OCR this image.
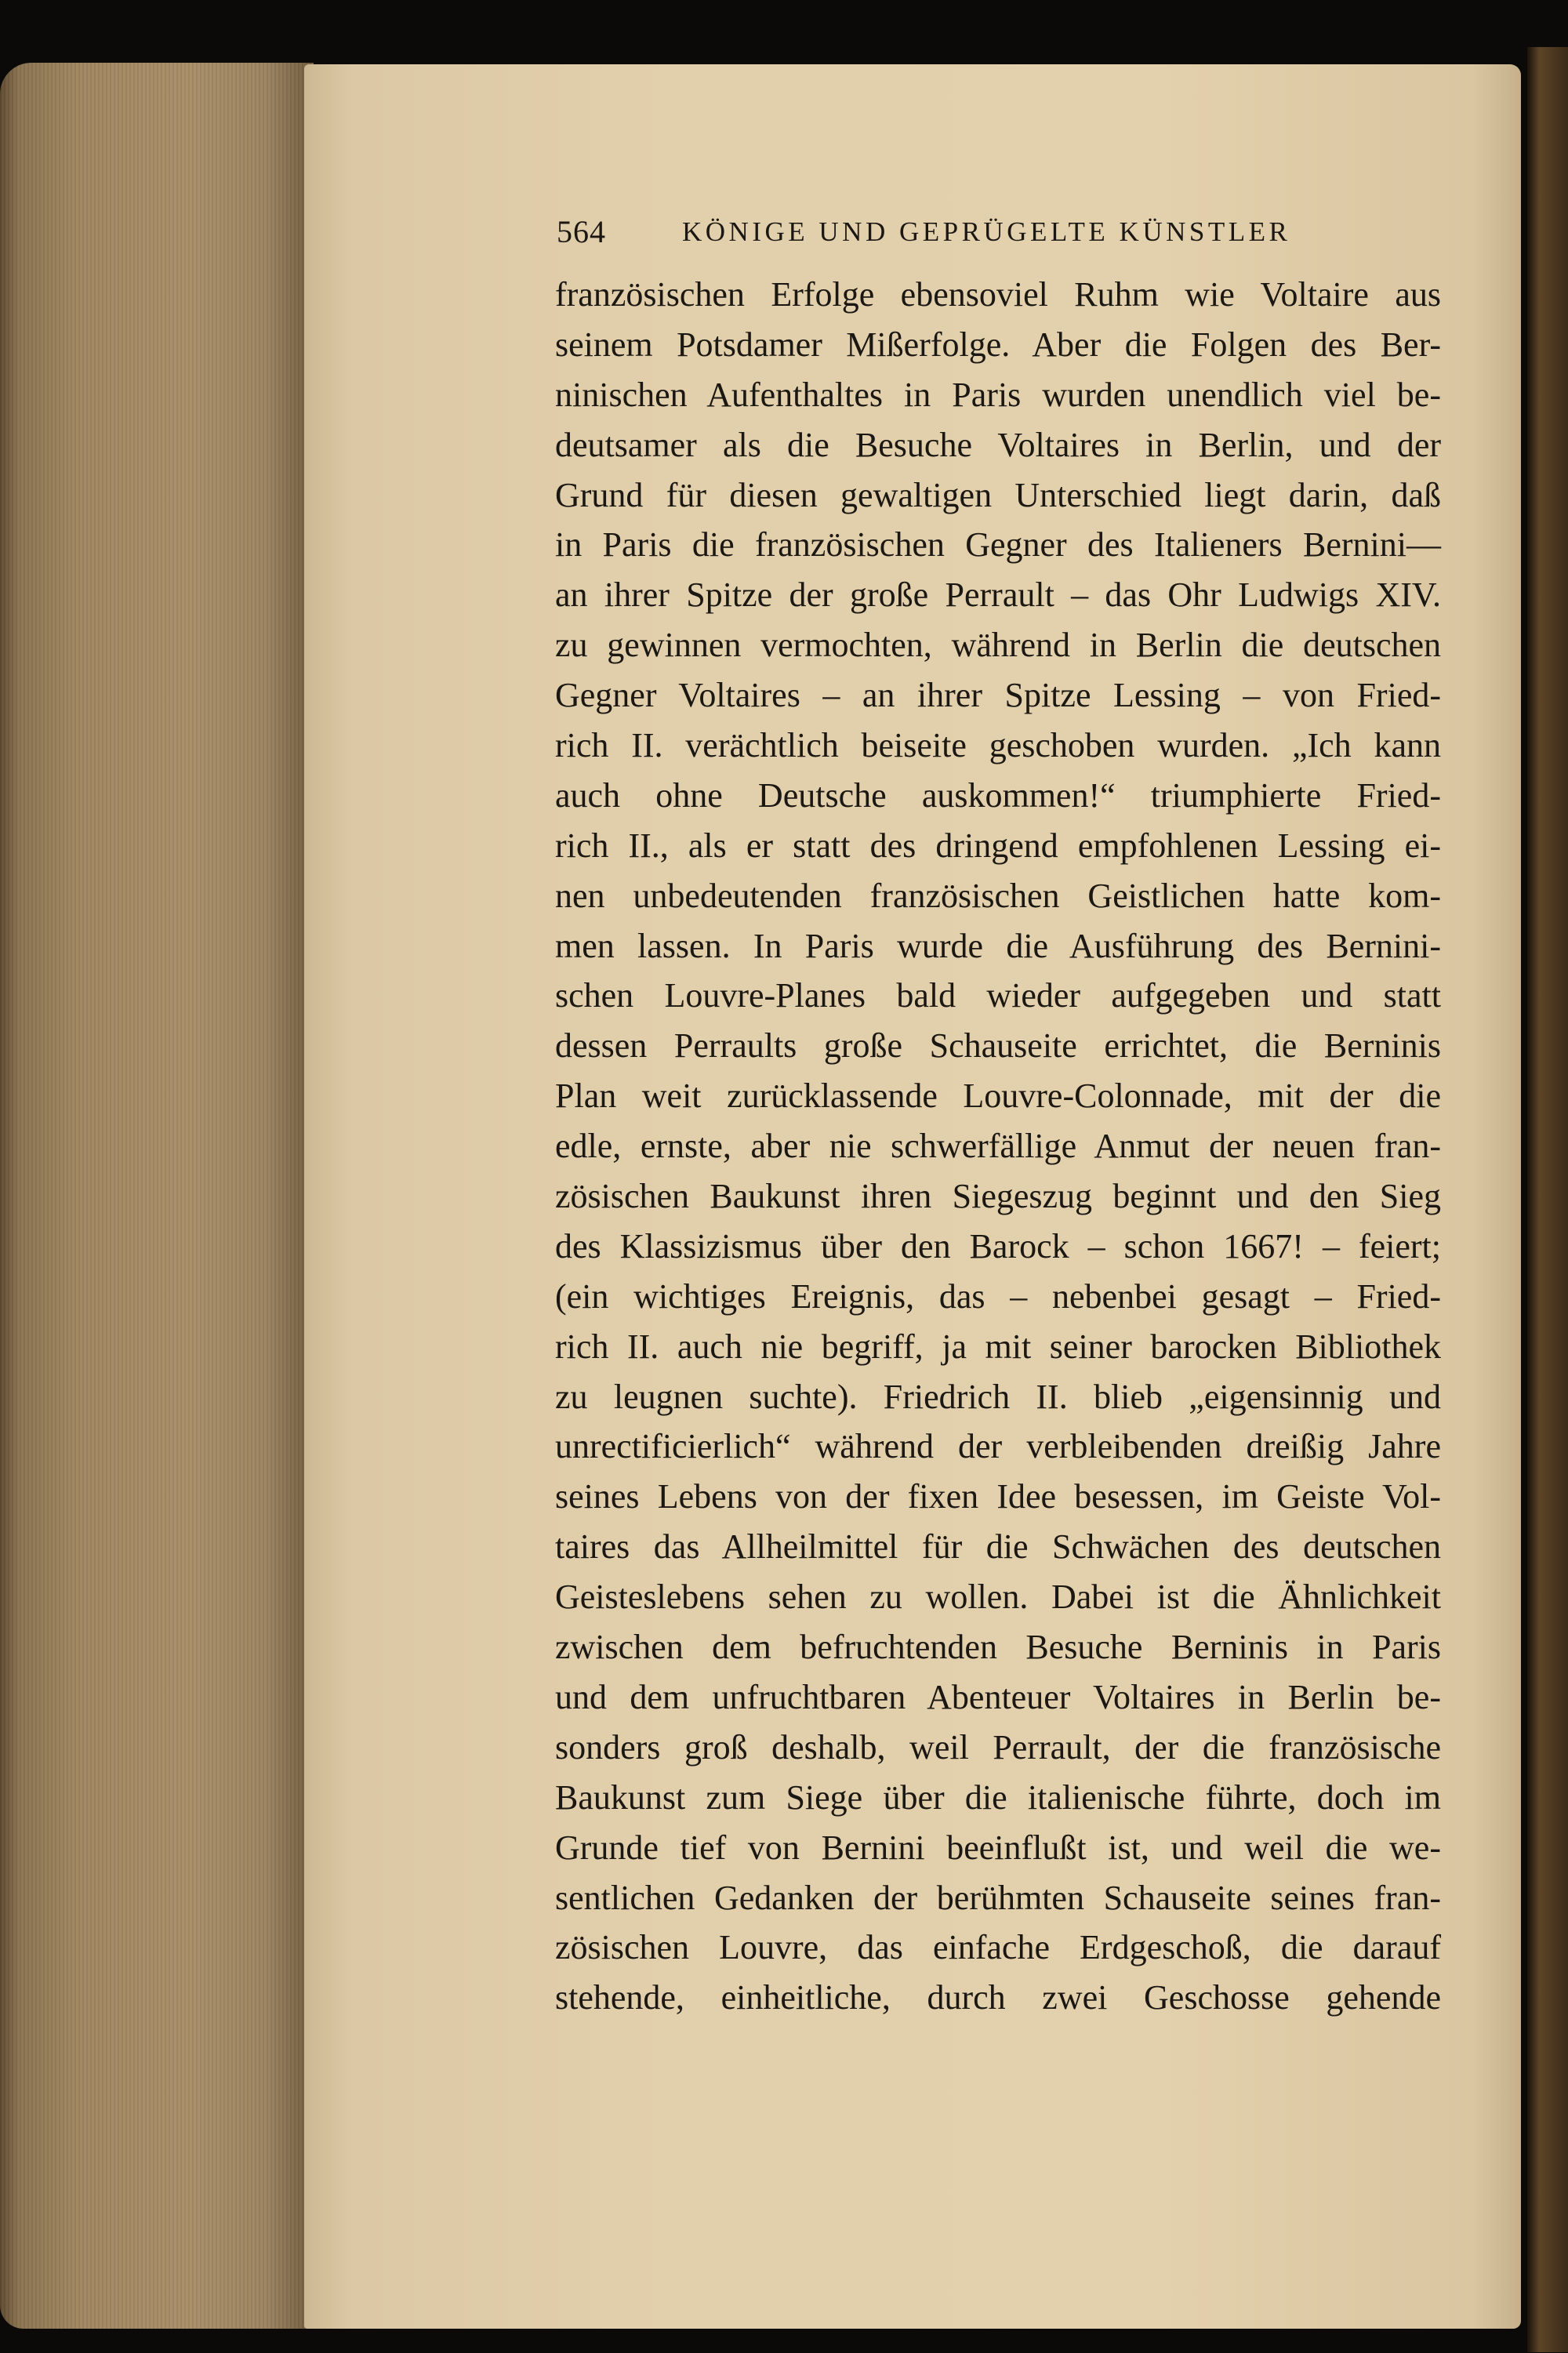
564	KÖNIGE UND GEPRÜGELTE KÜNSTLER
französischen Erfolge ebensoviel Ruhm wie Voltaire aus
seinem Potsdamer Mißerfolge. Aber die Folgen des Ber-
ninischen Aufenthaltes in Paris wurden unendlich viel be-
deutsamer als die Besuche Voltaires in Berlin, und der
Grund für diesen gewaltigen Unterschied liegt darin, daß
in Paris die französischen Gegner des Italieners Bernini—
an ihrer Spitze der große Perrault – das Ohr Ludwigs XIV.
zu gewinnen vermochten, während in Berlin die deutschen
Gegner Voltaires – an ihrer Spitze Lessing – von Fried-
rich II. verächtlich beiseite geschoben wurden. „Ich kann
auch ohne Deutsche auskommen!“ triumphierte Fried-
rich II., als er statt des dringend empfohlenen Lessing ei-
nen unbedeutenden französischen Geistlichen hatte kom-
men lassen. In Paris wurde die Ausführung des Bernini-
schen Louvre-Planes bald wieder aufgegeben und statt
dessen Perraults große Schauseite errichtet, die Berninis
Plan weit zurücklassende Louvre-Colonnade, mit der die
edle, ernste, aber nie schwerfällige Anmut der neuen fran-
zösischen Baukunst ihren Siegeszug beginnt und den Sieg
des Klassizismus über den Barock – schon 1667! – feiert;
(ein wichtiges Ereignis, das – nebenbei gesagt – Fried-
rich II. auch nie begriff, ja mit seiner barocken Bibliothek
zu leugnen suchte). Friedrich II. blieb „eigensinnig und
unrectificierlich“ während der verbleibenden dreißig Jahre
seines Lebens von der fixen Idee besessen, im Geiste Vol-
taires das Allheilmittel für die Schwächen des deutschen
Geisteslebens sehen zu wollen. Dabei ist die Ähnlichkeit
zwischen dem befruchtenden Besuche Berninis in Paris
und dem unfruchtbaren Abenteuer Voltaires in Berlin be-
sonders groß deshalb, weil Perrault, der die französische
Baukunst zum Siege über die italienische führte, doch im
Grunde tief von Bernini beeinflußt ist, und weil die we-
sentlichen Gedanken der berühmten Schauseite seines fran-
zösischen Louvre, das einfache Erdgeschoß, die darauf
stehende, einheitliche, durch zwei Geschosse gehende
